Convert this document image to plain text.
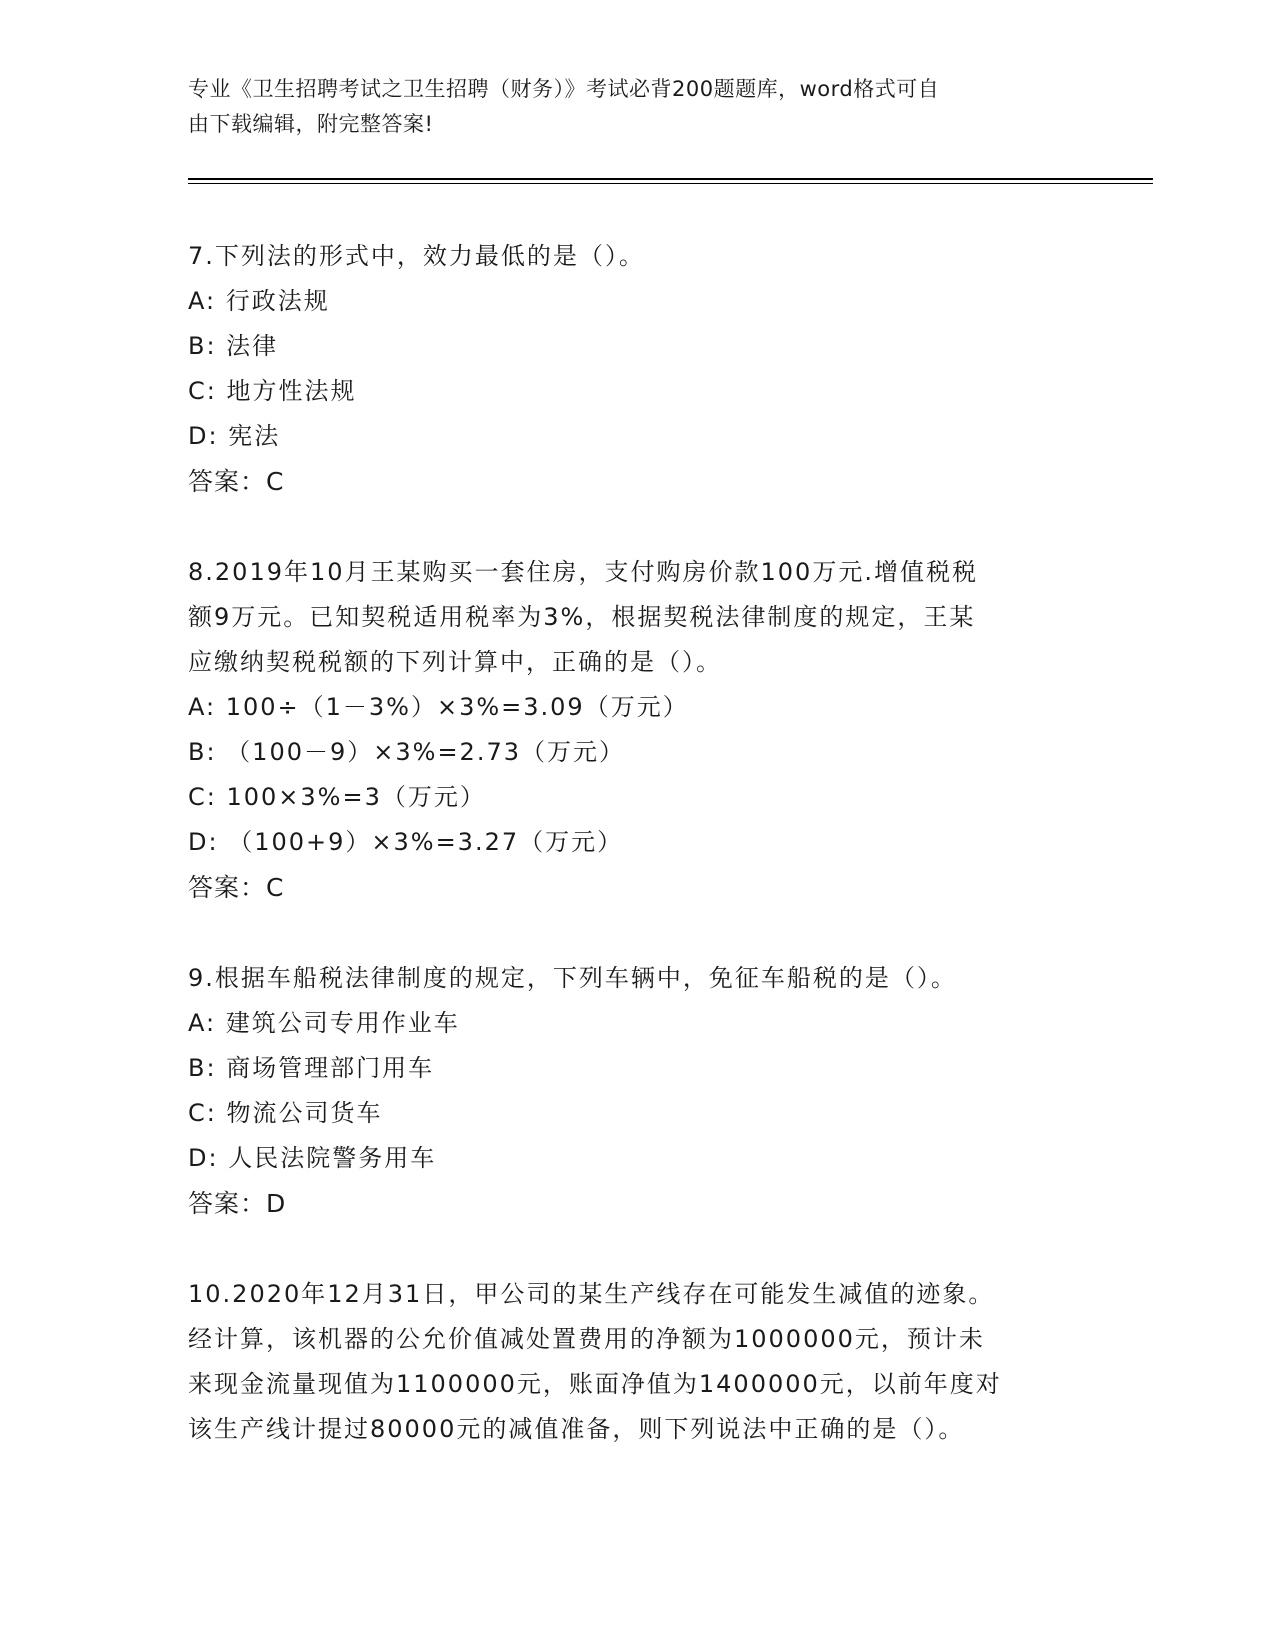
专业《卫生招聘考试之卫生招聘（财务）》考试必背200题题库，word格式可自
由下载编辑，附完整答案!
7.下列法的形式中，效力最低的是（）。
A: 行政法规
B: 法律
C: 地方性法规
D: 宪法
答案：C
8.2019年10月王某购买一套住房，支付购房价款100万元.增值税税
额9万元。已知契税适用税率为3%，根据契税法律制度的规定，王某
应缴纳契税税额的下列计算中，正确的是（）。
A: 100÷（1－3%）×3%=3.09（万元）
B: （100－9）×3%=2.73（万元）
C: 100×3%=3（万元）
D: （100+9）×3%=3.27（万元）
答案：C
9.根据车船税法律制度的规定，下列车辆中，免征车船税的是（）。
A: 建筑公司专用作业车
B: 商场管理部门用车
C: 物流公司货车
D: 人民法院警务用车
答案：D
10.2020年12月31日，甲公司的某生产线存在可能发生减值的迹象。
经计算，该机器的公允价值减处置费用的净额为1000000元，预计未
来现金流量现值为1100000元，账面净值为1400000元，以前年度对
该生产线计提过80000元的减值准备，则下列说法中正确的是（）。
